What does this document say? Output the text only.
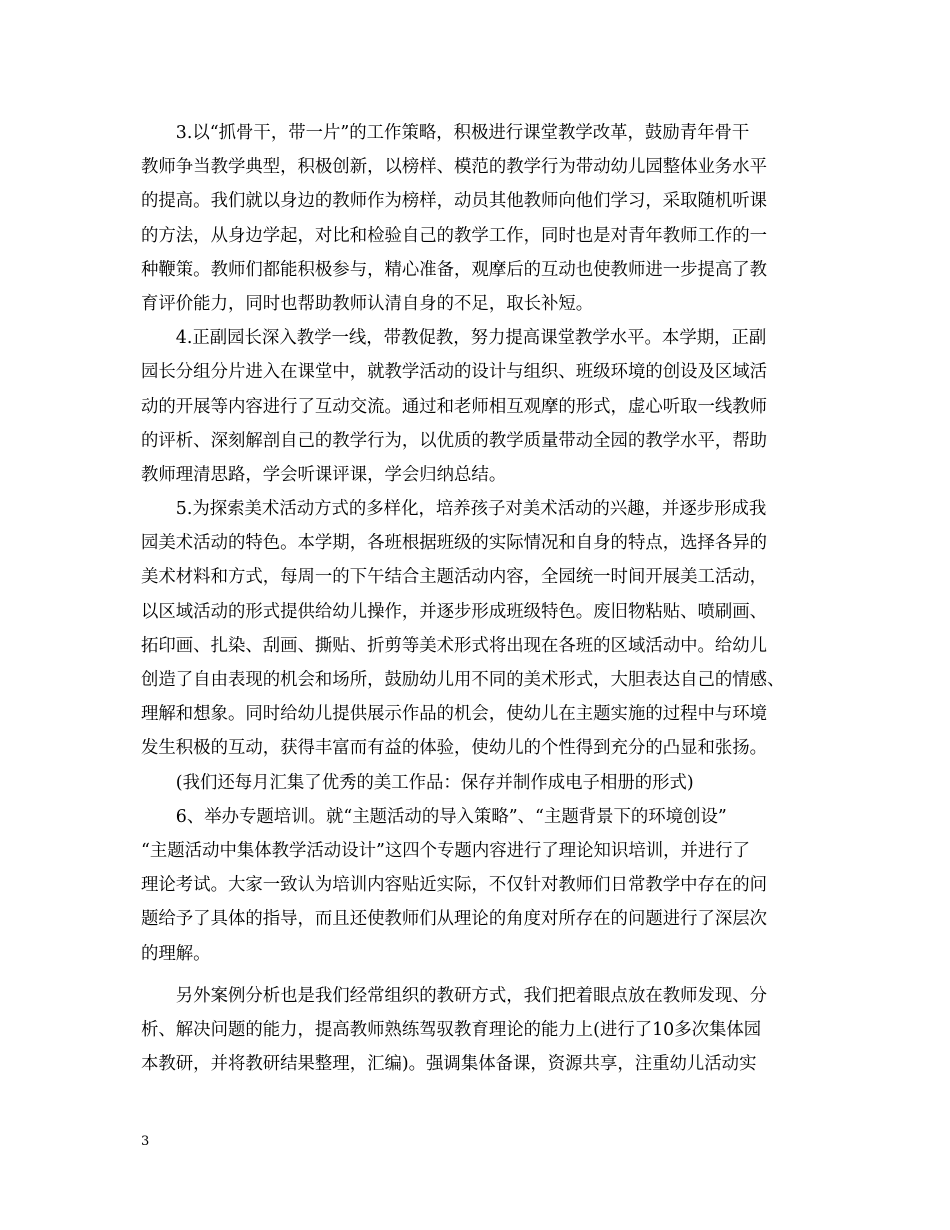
　　3.以“抓骨干，带一片”的工作策略，积极进行课堂教学改革，鼓励青年骨干
教师争当教学典型，积极创新，以榜样、模范的教学行为带动幼儿园整体业务水平
的提高。我们就以身边的教师作为榜样，动员其他教师向他们学习，采取随机听课
的方法，从身边学起，对比和检验自己的教学工作，同时也是对青年教师工作的一
种鞭策。教师们都能积极参与，精心准备，观摩后的互动也使教师进一步提高了教
育评价能力，同时也帮助教师认清自身的不足，取长补短。
　　4.正副园长深入教学一线，带教促教，努力提高课堂教学水平。本学期，正副
园长分组分片进入在课堂中，就教学活动的设计与组织、班级环境的创设及区域活
动的开展等内容进行了互动交流。通过和老师相互观摩的形式，虚心听取一线教师
的评析、深刻解剖自己的教学行为，以优质的教学质量带动全园的教学水平，帮助
教师理清思路，学会听课评课，学会归纳总结。
　　5.为探索美术活动方式的多样化，培养孩子对美术活动的兴趣，并逐步形成我
园美术活动的特色。本学期，各班根据班级的实际情况和自身的特点，选择各异的
美术材料和方式，每周一的下午结合主题活动内容，全园统一时间开展美工活动，
以区域活动的形式提供给幼儿操作，并逐步形成班级特色。废旧物粘贴、喷刷画、
拓印画、扎染、刮画、撕贴、折剪等美术形式将出现在各班的区域活动中。给幼儿
创造了自由表现的机会和场所，鼓励幼儿用不同的美术形式，大胆表达自己的情感、
理解和想象。同时给幼儿提供展示作品的机会，使幼儿在主题实施的过程中与环境
发生积极的互动，获得丰富而有益的体验，使幼儿的个性得到充分的凸显和张扬。
　　(我们还每月汇集了优秀的美工作品：保存并制作成电子相册的形式)
　　6、举办专题培训。就“主题活动的导入策略”、“主题背景下的环境创设”
“主题活动中集体教学活动设计”这四个专题内容进行了理论知识培训，并进行了
理论考试。大家一致认为培训内容贴近实际，不仅针对教师们日常教学中存在的问
题给予了具体的指导，而且还使教师们从理论的角度对所存在的问题进行了深层次
的理解。
　　另外案例分析也是我们经常组织的教研方式，我们把着眼点放在教师发现、分
析、解决问题的能力，提高教师熟练驾驭教育理论的能力上(进行了10多次集体园
本教研，并将教研结果整理，汇编)。强调集体备课，资源共享，注重幼儿活动实
3
